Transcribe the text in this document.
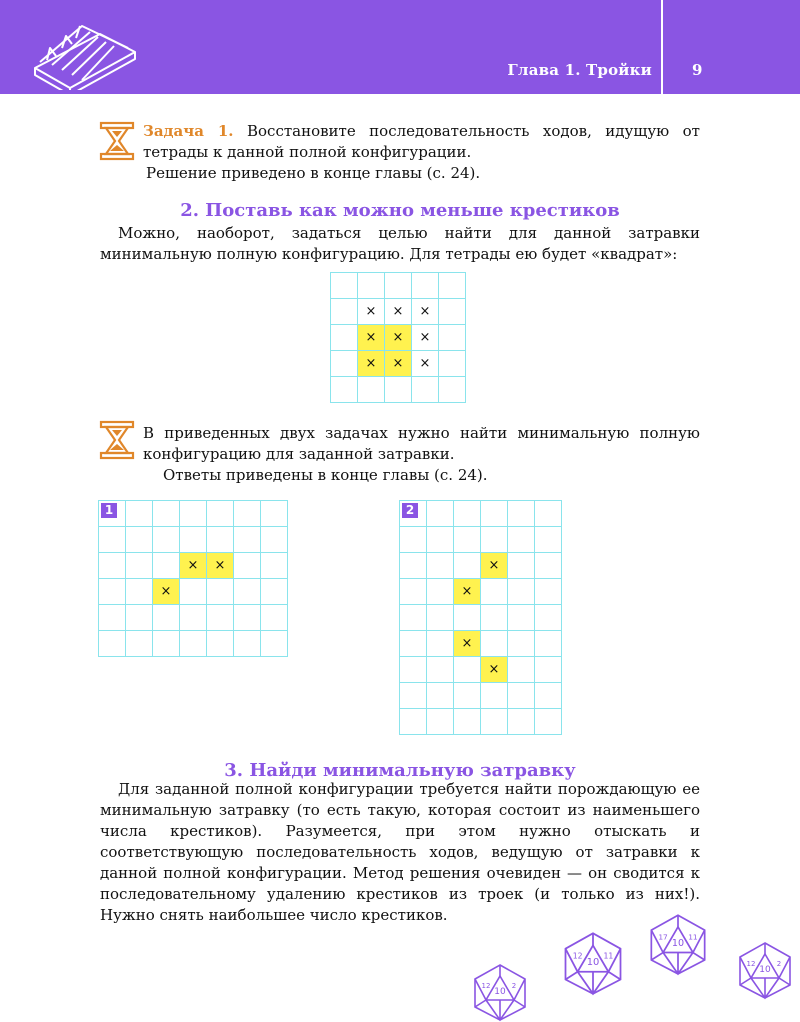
Глава 1. Тройки	9
Задача 1. Восстановите последовательность ходов, идущую от тетрады к данной полной конфигурации.
Решение приведено в конце главы (с. 24).
2. Поставь как можно меньше крестиков
Можно, наоборот, задаться целью найти для данной затравки минимальную полную конфигурацию. Для тетрады ею будет «квадрат»:

	×	×	×	
	×	×	×	
	×	×	×	

В приведенных двух задачах нужно найти минимальную полную конфигурацию для заданной затравки.
Ответы приведены в конце главы (с. 24).

			×	×		
		×				

1

			×		
		×			

		×			
			×		

2
3. Найди минимальную затравку
Для заданной полной конфигурации требуется найти порождающую ее минимальную затравку (то есть такую, которая состоит из наименьшего числа крестиков). Разумеется, при этом нужно отыскать и соответствующую последовательность ходов, ведущую от затравки к данной полной конфигурации. Метод решения очевиден — он сводится к последовательному удалению крестиков из троек (и только из них!). Нужно снять наибольшее число крестиков.
10
12	2
10
12	11
10
17	11
10
12	2
